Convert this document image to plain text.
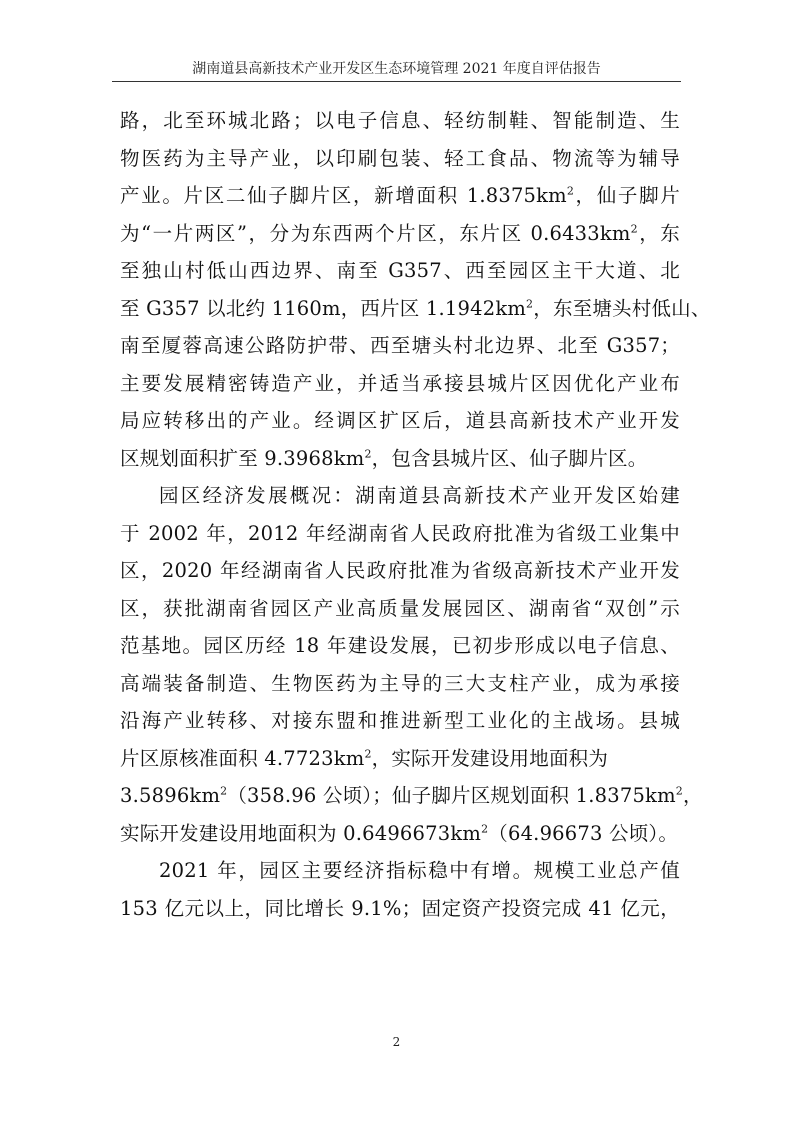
湖南道县高新技术产业开发区生态环境管理 2021 年度自评估报告
路，北至环城北路；以电子信息、轻纺制鞋、智能制造、生
物医药为主导产业，以印刷包装、轻工食品、物流等为辅导
产业。片区二仙子脚片区，新增面积 $1.8375km^2$，仙子脚片
为“一片两区”，分为东西两个片区，东片区 $0.6433km^2$，东
至独山村低山西边界、南至 G357、西至园区主干大道、北
至 G357 以北约 1160m，西片区 $1.1942km^2$，东至塘头村低山、
南至厦蓉高速公路防护带、西至塘头村北边界、北至 G357；
主要发展精密铸造产业，并适当承接县城片区因优化产业布
局应转移出的产业。经调区扩区后，道县高新技术产业开发
区规划面积扩至 $9.3968km^2$，包含县城片区、仙子脚片区。
园区经济发展概况：湖南道县高新技术产业开发区始建
于 2002 年，2012 年经湖南省人民政府批准为省级工业集中
区，2020 年经湖南省人民政府批准为省级高新技术产业开发
区，获批湖南省园区产业高质量发展园区、湖南省“双创”示
范基地。园区历经 18 年建设发展，已初步形成以电子信息、
高端装备制造、生物医药为主导的三大支柱产业，成为承接
沿海产业转移、对接东盟和推进新型工业化的主战场。县城
片区原核准面积 $4.7723km^2$，实际开发建设用地面积为
$3.5896km^2(358.96$ 公顷）；仙子脚片区规划面积 $1.8375km^2$，
实际开发建设用地面积为 $0.6496673km^2(64.96673$ 公顷）。
2021 年，园区主要经济指标稳中有增。规模工业总产值
153 亿元以上，同比增长 9.1%；固定资产投资完成 41 亿元，
2
